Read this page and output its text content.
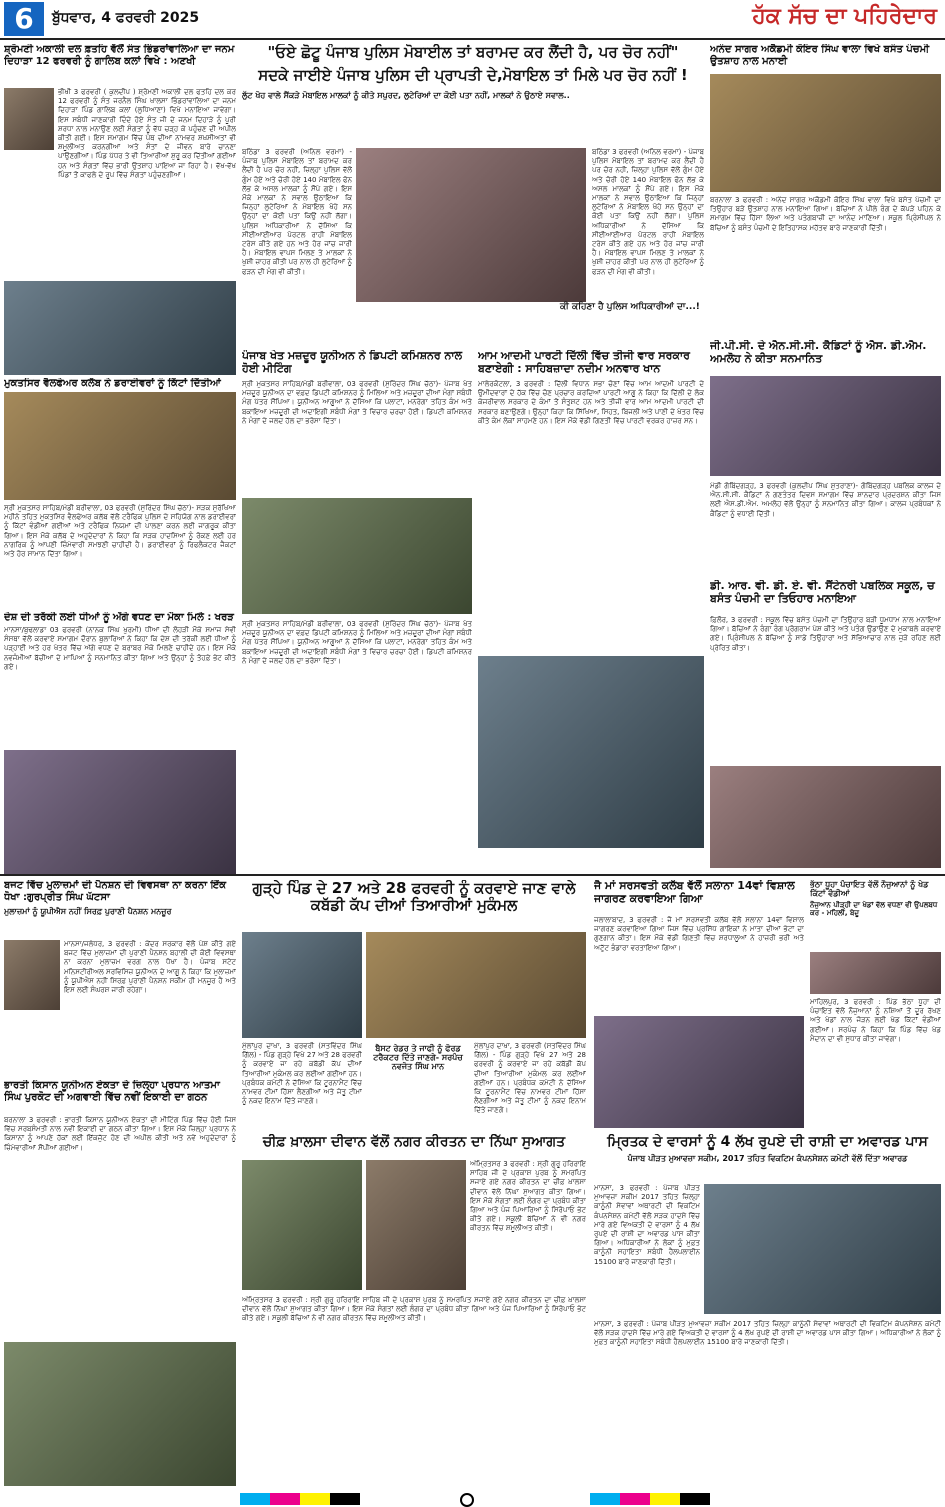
6	ਬੁੱਧਵਾਰ, 4 ਫਰਵਰੀ 2025	ਹੱਕ ਸੱਚ ਦਾ ਪਹਿਰੇਦਾਰ
ਸ਼੍ਰੋਮਣੀ ਅਕਾਲੀ ਦਲ ਫ਼ਤਹਿ ਵੱਲੋਂ ਸੰਤ ਭਿੰਡਰਾਂਵਾਲਿਆ ਦਾ ਜਨਮ ਦਿਹਾੜਾ 12 ਫਰਵਰੀ ਨੂੰ ਗਾਲਿਬ ਕਲਾਂ ਵਿਖੇ : ਅਣਖੀ
ਭੀਖੀ 3 ਫਰਵਰੀ ( ਕੁਲਦੀਪ ) ਸ਼੍ਰੋਮਣੀ ਅਕਾਲੀ ਦਲ ਫਤਹਿ ਦਲ ਕਰ 12 ਫਰਵਰੀ ਨੂੰ ਸੰਤ ਜਰਨੈਲ ਸਿੰਘ ਖਾਲਸਾ ਭਿੰਡਰਾਂਵਾਲਿਆ ਦਾ ਜਨਮ ਦਿਹਾੜਾ ਪਿੰਡ ਗਾਲਿਬ ਕਲਾਂ (ਲੁਧਿਆਣਾ) ਵਿਖੇ ਮਨਾਇਆ ਜਾਵੇਗਾ। ਇਸ ਸਬੰਧੀ ਜਾਣਕਾਰੀ ਦਿੰਦੇ ਹੋਏ ਸੰਤ ਜੀ ਦੇ ਜਨਮ ਦਿਹਾੜੇ ਨੂੰ ਪੂਰੀ ਸ਼ਰਧਾ ਨਾਲ ਮਨਾਉਣ ਲਈ ਸੰਗਤਾਂ ਨੂੰ ਵੱਧ ਚੜ੍ਹ ਕੇ ਪਹੁੰਚਣ ਦੀ ਅਪੀਲ ਕੀਤੀ ਗਈ। ਇਸ ਸਮਾਗਮ ਵਿੱਚ ਪੰਥ ਦੀਆਂ ਨਾਮਵਰ ਸ਼ਖ਼ਸੀਅਤਾਂ ਵੀ ਸ਼ਮੂਲੀਅਤ ਕਰਨਗੀਆਂ ਅਤੇ ਸੰਤਾਂ ਦੇ ਜੀਵਨ ਬਾਰੇ ਚਾਨਣਾ ਪਾਉਣਗੀਆਂ। ਪਿੰਡ ਪੱਧਰ ਤੇ ਵੀ ਤਿਆਰੀਆਂ ਸ਼ੁਰੂ ਕਰ ਦਿੱਤੀਆਂ ਗਈਆਂ ਹਨ ਅਤੇ ਸੰਗਤਾਂ ਵਿੱਚ ਭਾਰੀ ਉਤਸ਼ਾਹ ਪਾਇਆ ਜਾ ਰਿਹਾ ਹੈ। ਵੱਖ-ਵੱਖ ਪਿੰਡਾਂ ਤੋਂ ਕਾਫਲੇ ਦੇ ਰੂਪ ਵਿੱਚ ਸੰਗਤਾਂ ਪਹੁੰਚਣਗੀਆਂ।
ਮੁਕਤਸਿਰ ਵੈਲਫੇਅਰ ਕਲੱਬ ਨੇ ਡਰਾਈਵਰਾਂ ਨੂੰ ਕਿੱਟਾਂ ਦਿੱਤੀਆਂ
ਸ੍ਰੀ ਮੁਕਤਸਰ ਸਾਹਿਬ/ਮੰਡੀ ਬਰੀਵਾਲਾ, 03 ਫਰਵਰੀ (ਸੁਰਿੰਦਰ ਸਿੰਘ ਚੱਠਾ)- ਸੜਕ ਸੁਰੱਖਿਆ ਮਹੀਨੇ ਤਹਿਤ ਮੁਕਤਸਿਰ ਵੈਲਫੇਅਰ ਕਲੱਬ ਵੱਲੋਂ ਟਰੈਫਿਕ ਪੁਲਿਸ ਦੇ ਸਹਿਯੋਗ ਨਾਲ ਡਰਾਈਵਰਾਂ ਨੂੰ ਕਿੱਟਾਂ ਵੰਡੀਆਂ ਗਈਆਂ ਅਤੇ ਟਰੈਫਿਕ ਨਿਯਮਾਂ ਦੀ ਪਾਲਣਾ ਕਰਨ ਲਈ ਜਾਗਰੂਕ ਕੀਤਾ ਗਿਆ। ਇਸ ਮੌਕੇ ਕਲੱਬ ਦੇ ਅਹੁਦੇਦਾਰਾਂ ਨੇ ਕਿਹਾ ਕਿ ਸੜਕ ਹਾਦਸਿਆਂ ਨੂੰ ਰੋਕਣ ਲਈ ਹਰ ਨਾਗਰਿਕ ਨੂੰ ਆਪਣੀ ਜ਼ਿੰਮੇਵਾਰੀ ਸਮਝਣੀ ਚਾਹੀਦੀ ਹੈ। ਡਰਾਈਵਰਾਂ ਨੂੰ ਰਿਫਲੈਕਟਰ ਜੈਕਟਾਂ ਅਤੇ ਹੋਰ ਸਾਮਾਨ ਦਿੱਤਾ ਗਿਆ।
ਦੇਸ਼ ਦੀ ਤਰੱਕੀ ਲਈ ਧੀਆਂ ਨੂੰ ਅੱਗੇ ਵਧਣ ਦਾ ਮੌਕਾ ਮਿਲੇ : ਖਰੜ
ਮਾਨਸਾ/ਬੁਢਲਾਡਾ 03 ਫਰਵਰੀ (ਨਾਨਕ ਸਿੰਘ ਖੁਰਮੀ) ਧੀਆਂ ਦੀ ਲੋਹੜੀ ਮੌਕੇ ਸਮਾਜ ਸੇਵੀ ਸੰਸਥਾ ਵੱਲੋਂ ਕਰਵਾਏ ਸਮਾਗਮ ਦੌਰਾਨ ਬੁਲਾਰਿਆਂ ਨੇ ਕਿਹਾ ਕਿ ਦੇਸ਼ ਦੀ ਤਰੱਕੀ ਲਈ ਧੀਆਂ ਨੂੰ ਪੜ੍ਹਾਈ ਅਤੇ ਹਰ ਖੇਤਰ ਵਿੱਚ ਅੱਗੇ ਵਧਣ ਦੇ ਬਰਾਬਰ ਮੌਕੇ ਮਿਲਣੇ ਚਾਹੀਦੇ ਹਨ। ਇਸ ਮੌਕੇ ਨਵਜੰਮੀਆਂ ਬੱਚੀਆਂ ਦੇ ਮਾਪਿਆਂ ਨੂੰ ਸਨਮਾਨਿਤ ਕੀਤਾ ਗਿਆ ਅਤੇ ਉਨ੍ਹਾਂ ਨੂੰ ਤੋਹਫ਼ੇ ਭੇਟ ਕੀਤੇ ਗਏ।
"ਓਏ ਛੋਟੂ ਪੰਜਾਬ ਪੁਲਿਸ ਮੋਬਾਈਲ ਤਾਂ ਬਰਾਮਦ ਕਰ ਲੈਂਦੀ ਹੈ, ਪਰ ਚੋਰ ਨਹੀਂ"
ਸਦਕੇ ਜਾਈਏ ਪੰਜਾਬ ਪੁਲਿਸ ਦੀ ਪ੍ਰਾਪਤੀ ਦੇ,ਮੋਬਾਇਲ ਤਾਂ ਮਿਲੇ ਪਰ ਚੋਰ ਨਹੀਂ !
ਲੁੱਟ ਖੋਹ ਵਾਲੇ ਸੈਂਕੜੇ ਮੋਬਾਇਲ ਮਾਲਕਾਂ ਨੂੰ ਕੀਤੇ ਸਪੁਰਦ, ਲੁਟੇਰਿਆਂ ਦਾ ਕੋਈ ਪਤਾ ਨਹੀਂ, ਮਾਲਕਾਂ ਨੇ ਉਠਾਏ ਸਵਾਲ..
ਬਠਿੰਡਾ 3 ਫਰਵਰੀ (ਅਨਿਲ ਵਰਮਾ) - ਪੰਜਾਬ ਪੁਲਿਸ ਮੋਬਾਇਲ ਤਾਂ ਬਰਾਮਦ ਕਰ ਲੈਂਦੀ ਹੈ ਪਰ ਚੋਰ ਨਹੀਂ, ਜ਼ਿਲ੍ਹਾ ਪੁਲਿਸ ਵੱਲੋਂ ਗੁੰਮ ਹੋਏ ਅਤੇ ਚੋਰੀ ਹੋਏ 140 ਮੋਬਾਇਲ ਫੋਨ ਲੱਭ ਕੇ ਅਸਲ ਮਾਲਕਾਂ ਨੂੰ ਸੌਂਪੇ ਗਏ। ਇਸ ਮੌਕੇ ਮਾਲਕਾਂ ਨੇ ਸਵਾਲ ਉਠਾਇਆ ਕਿ ਜਿਨ੍ਹਾਂ ਲੁਟੇਰਿਆਂ ਨੇ ਮੋਬਾਇਲ ਖੋਹੇ ਸਨ ਉਨ੍ਹਾਂ ਦਾ ਕੋਈ ਪਤਾ ਕਿਉਂ ਨਹੀਂ ਲੱਗਾ। ਪੁਲਿਸ ਅਧਿਕਾਰੀਆਂ ਨੇ ਦੱਸਿਆ ਕਿ ਸੀਈਆਈਆਰ ਪੋਰਟਲ ਰਾਹੀਂ ਮੋਬਾਇਲ ਟਰੇਸ ਕੀਤੇ ਗਏ ਹਨ ਅਤੇ ਹੋਰ ਜਾਂਚ ਜਾਰੀ ਹੈ। ਮੋਬਾਇਲ ਵਾਪਸ ਮਿਲਣ ਤੇ ਮਾਲਕਾਂ ਨੇ ਖੁਸ਼ੀ ਜ਼ਾਹਰ ਕੀਤੀ ਪਰ ਨਾਲ ਹੀ ਲੁਟੇਰਿਆਂ ਨੂੰ ਫੜਨ ਦੀ ਮੰਗ ਵੀ ਕੀਤੀ।
ਬਠਿੰਡਾ 3 ਫਰਵਰੀ (ਅਨਿਲ ਵਰਮਾ) - ਪੰਜਾਬ ਪੁਲਿਸ ਮੋਬਾਇਲ ਤਾਂ ਬਰਾਮਦ ਕਰ ਲੈਂਦੀ ਹੈ ਪਰ ਚੋਰ ਨਹੀਂ, ਜ਼ਿਲ੍ਹਾ ਪੁਲਿਸ ਵੱਲੋਂ ਗੁੰਮ ਹੋਏ ਅਤੇ ਚੋਰੀ ਹੋਏ 140 ਮੋਬਾਇਲ ਫੋਨ ਲੱਭ ਕੇ ਅਸਲ ਮਾਲਕਾਂ ਨੂੰ ਸੌਂਪੇ ਗਏ। ਇਸ ਮੌਕੇ ਮਾਲਕਾਂ ਨੇ ਸਵਾਲ ਉਠਾਇਆ ਕਿ ਜਿਨ੍ਹਾਂ ਲੁਟੇਰਿਆਂ ਨੇ ਮੋਬਾਇਲ ਖੋਹੇ ਸਨ ਉਨ੍ਹਾਂ ਦਾ ਕੋਈ ਪਤਾ ਕਿਉਂ ਨਹੀਂ ਲੱਗਾ। ਪੁਲਿਸ ਅਧਿਕਾਰੀਆਂ ਨੇ ਦੱਸਿਆ ਕਿ ਸੀਈਆਈਆਰ ਪੋਰਟਲ ਰਾਹੀਂ ਮੋਬਾਇਲ ਟਰੇਸ ਕੀਤੇ ਗਏ ਹਨ ਅਤੇ ਹੋਰ ਜਾਂਚ ਜਾਰੀ ਹੈ। ਮੋਬਾਇਲ ਵਾਪਸ ਮਿਲਣ ਤੇ ਮਾਲਕਾਂ ਨੇ ਖੁਸ਼ੀ ਜ਼ਾਹਰ ਕੀਤੀ ਪਰ ਨਾਲ ਹੀ ਲੁਟੇਰਿਆਂ ਨੂੰ ਫੜਨ ਦੀ ਮੰਗ ਵੀ ਕੀਤੀ।
ਕੀ ਕਹਿਣਾ ਹੈ ਪੁਲਿਸ ਅਧਿਕਾਰੀਆਂ ਦਾ...!
ਪੰਜਾਬ ਖੇਤ ਮਜ਼ਦੂਰ ਯੂਨੀਅਨ ਨੇ ਡਿਪਟੀ ਕਮਿਸ਼ਨਰ ਨਾਲ ਹੋਈ ਮੀਟਿੰਗ
ਸ੍ਰੀ ਮੁਕਤਸਰ ਸਾਹਿਬ/ਮੰਡੀ ਬਰੀਵਾਲਾ, 03 ਫਰਵਰੀ (ਸੁਰਿੰਦਰ ਸਿੰਘ ਚੱਠਾ)- ਪੰਜਾਬ ਖੇਤ ਮਜ਼ਦੂਰ ਯੂਨੀਅਨ ਦਾ ਵਫ਼ਦ ਡਿਪਟੀ ਕਮਿਸ਼ਨਰ ਨੂੰ ਮਿਲਿਆ ਅਤੇ ਮਜ਼ਦੂਰਾਂ ਦੀਆਂ ਮੰਗਾਂ ਸਬੰਧੀ ਮੰਗ ਪੱਤਰ ਸੌਂਪਿਆ। ਯੂਨੀਅਨ ਆਗੂਆਂ ਨੇ ਦੱਸਿਆ ਕਿ ਪਲਾਟਾਂ, ਮਨਰੇਗਾ ਤਹਿਤ ਕੰਮ ਅਤੇ ਬਕਾਇਆ ਮਜ਼ਦੂਰੀ ਦੀ ਅਦਾਇਗੀ ਸਬੰਧੀ ਮੰਗਾਂ ਤੇ ਵਿਚਾਰ ਚਰਚਾ ਹੋਈ। ਡਿਪਟੀ ਕਮਿਸ਼ਨਰ ਨੇ ਮੰਗਾਂ ਦੇ ਜਲਦ ਹੱਲ ਦਾ ਭਰੋਸਾ ਦਿੱਤਾ।
ਸ੍ਰੀ ਮੁਕਤਸਰ ਸਾਹਿਬ/ਮੰਡੀ ਬਰੀਵਾਲਾ, 03 ਫਰਵਰੀ (ਸੁਰਿੰਦਰ ਸਿੰਘ ਚੱਠਾ)- ਪੰਜਾਬ ਖੇਤ ਮਜ਼ਦੂਰ ਯੂਨੀਅਨ ਦਾ ਵਫ਼ਦ ਡਿਪਟੀ ਕਮਿਸ਼ਨਰ ਨੂੰ ਮਿਲਿਆ ਅਤੇ ਮਜ਼ਦੂਰਾਂ ਦੀਆਂ ਮੰਗਾਂ ਸਬੰਧੀ ਮੰਗ ਪੱਤਰ ਸੌਂਪਿਆ। ਯੂਨੀਅਨ ਆਗੂਆਂ ਨੇ ਦੱਸਿਆ ਕਿ ਪਲਾਟਾਂ, ਮਨਰੇਗਾ ਤਹਿਤ ਕੰਮ ਅਤੇ ਬਕਾਇਆ ਮਜ਼ਦੂਰੀ ਦੀ ਅਦਾਇਗੀ ਸਬੰਧੀ ਮੰਗਾਂ ਤੇ ਵਿਚਾਰ ਚਰਚਾ ਹੋਈ। ਡਿਪਟੀ ਕਮਿਸ਼ਨਰ ਨੇ ਮੰਗਾਂ ਦੇ ਜਲਦ ਹੱਲ ਦਾ ਭਰੋਸਾ ਦਿੱਤਾ।
ਆਮ ਆਦਮੀ ਪਾਰਟੀ ਦਿੱਲੀ ਵਿੱਚ ਤੀਜੀ ਵਾਰ ਸਰਕਾਰ ਬਣਾਏਗੀ : ਸਾਹਿਬਜ਼ਾਦਾ ਨਦੀਮ ਅਨਵਾਰ ਖਾਨ
ਮਾਲੇਰਕੋਟਲਾ, 3 ਫਰਵਰੀ : ਦਿੱਲੀ ਵਿਧਾਨ ਸਭਾ ਚੋਣਾਂ ਵਿੱਚ ਆਮ ਆਦਮੀ ਪਾਰਟੀ ਦੇ ਉਮੀਦਵਾਰਾਂ ਦੇ ਹੱਕ ਵਿੱਚ ਚੋਣ ਪ੍ਰਚਾਰ ਕਰਦਿਆਂ ਪਾਰਟੀ ਆਗੂ ਨੇ ਕਿਹਾ ਕਿ ਦਿੱਲੀ ਦੇ ਲੋਕ ਕੇਜਰੀਵਾਲ ਸਰਕਾਰ ਦੇ ਕੰਮਾਂ ਤੋਂ ਸੰਤੁਸ਼ਟ ਹਨ ਅਤੇ ਤੀਜੀ ਵਾਰ ਆਮ ਆਦਮੀ ਪਾਰਟੀ ਦੀ ਸਰਕਾਰ ਬਣਾਉਣਗੇ। ਉਨ੍ਹਾਂ ਕਿਹਾ ਕਿ ਸਿੱਖਿਆ, ਸਿਹਤ, ਬਿਜਲੀ ਅਤੇ ਪਾਣੀ ਦੇ ਖੇਤਰ ਵਿੱਚ ਕੀਤੇ ਕੰਮ ਲੋਕਾਂ ਸਾਹਮਣੇ ਹਨ। ਇਸ ਮੌਕੇ ਵੱਡੀ ਗਿਣਤੀ ਵਿੱਚ ਪਾਰਟੀ ਵਰਕਰ ਹਾਜ਼ਰ ਸਨ।
ਅਨੰਦ ਸਾਗਰ ਅਕੈਡਮੀ ਕੋਇਰ ਸਿੰਘ ਵਾਲਾ ਵਿਖੇ ਬਸੰਤ ਪੰਚਮੀ ਉਤਸ਼ਾਹ ਨਾਲ ਮਨਾਈ
ਬਰਨਾਲਾ 3 ਫਰਵਰੀ : ਅਨੰਦ ਸਾਗਰ ਅਕੈਡਮੀ ਕੋਇਰ ਸਿੰਘ ਵਾਲਾ ਵਿਖੇ ਬਸੰਤ ਪੰਚਮੀ ਦਾ ਤਿਉਹਾਰ ਬੜੇ ਉਤਸ਼ਾਹ ਨਾਲ ਮਨਾਇਆ ਗਿਆ। ਬੱਚਿਆਂ ਨੇ ਪੀਲੇ ਰੰਗ ਦੇ ਕੱਪੜੇ ਪਹਿਨ ਕੇ ਸਮਾਗਮ ਵਿੱਚ ਹਿੱਸਾ ਲਿਆ ਅਤੇ ਪਤੰਗਬਾਜ਼ੀ ਦਾ ਆਨੰਦ ਮਾਣਿਆ। ਸਕੂਲ ਪ੍ਰਿੰਸੀਪਲ ਨੇ ਬੱਚਿਆਂ ਨੂੰ ਬਸੰਤ ਪੰਚਮੀ ਦੇ ਇਤਿਹਾਸਕ ਮਹੱਤਵ ਬਾਰੇ ਜਾਣਕਾਰੀ ਦਿੱਤੀ।
ਜੀ.ਪੀ.ਸੀ. ਦੇ ਐਨ.ਸੀ.ਸੀ. ਕੈਡਿਟਾਂ ਨੂੰ ਐਸ. ਡੀ.ਐਮ. ਅਮਲੋਹ ਨੇ ਕੀਤਾ ਸਨਮਾਨਿਤ
ਮੰਡੀ ਗੋਬਿੰਦਗੜ੍ਹ, 3 ਫਰਵਰੀ (ਕੁਲਦੀਪ ਸਿੰਘ ਸ਼ੁਤਰਾਣਾ)- ਗੋਬਿੰਦਗੜ੍ਹ ਪਬਲਿਕ ਕਾਲਜ ਦੇ ਐਨ.ਸੀ.ਸੀ. ਕੈਡਿਟਾਂ ਨੇ ਗਣਤੰਤਰ ਦਿਵਸ ਸਮਾਗਮ ਵਿੱਚ ਸ਼ਾਨਦਾਰ ਪ੍ਰਦਰਸ਼ਨ ਕੀਤਾ ਜਿਸ ਲਈ ਐਸ.ਡੀ.ਐਮ. ਅਮਲੋਹ ਵੱਲੋਂ ਉਨ੍ਹਾਂ ਨੂੰ ਸਨਮਾਨਿਤ ਕੀਤਾ ਗਿਆ। ਕਾਲਜ ਪ੍ਰਬੰਧਕਾਂ ਨੇ ਕੈਡਿਟਾਂ ਨੂੰ ਵਧਾਈ ਦਿੱਤੀ।
ਡੀ. ਆਰ. ਵੀ. ਡੀ. ਏ. ਵੀ. ਸੈਂਟੇਨਰੀ ਪਬਲਿਕ ਸਕੂਲ, ਚ ਬਸੰਤ ਪੰਚਮੀ ਦਾ ਤਿਓਹਾਰ ਮਨਾਇਆ
ਫ਼ਿਲੌਰ, 3 ਫਰਵਰੀ : ਸਕੂਲ ਵਿੱਚ ਬਸੰਤ ਪੰਚਮੀ ਦਾ ਤਿਉਹਾਰ ਬੜੀ ਧੂਮਧਾਮ ਨਾਲ ਮਨਾਇਆ ਗਿਆ। ਬੱਚਿਆਂ ਨੇ ਰੰਗਾ ਰੰਗ ਪ੍ਰੋਗਰਾਮ ਪੇਸ਼ ਕੀਤੇ ਅਤੇ ਪਤੰਗ ਉਡਾਉਣ ਦੇ ਮੁਕਾਬਲੇ ਕਰਵਾਏ ਗਏ। ਪ੍ਰਿੰਸੀਪਲ ਨੇ ਬੱਚਿਆਂ ਨੂੰ ਸਾਡੇ ਤਿਉਹਾਰਾਂ ਅਤੇ ਸੱਭਿਆਚਾਰ ਨਾਲ ਜੁੜੇ ਰਹਿਣ ਲਈ ਪ੍ਰੇਰਿਤ ਕੀਤਾ।
ਬਜਟ ਵਿੱਚ ਮੁਲਾਜ਼ਮਾਂ ਦੀ ਪੈਨਸ਼ਨ ਦੀ ਵਿਵਸਥਾ ਨਾ ਕਰਨਾ ਇੱਕ ਧੋਖਾ :ਗੁਰਪ੍ਰੀਤ ਸਿੰਘ ਘੱਟਸਾ
ਮੁਲਾਜ਼ਮਾਂ ਨੂੰ ਯੂਪੀਐਸ ਨਹੀਂ ਸਿਰਫ਼ ਪੁਰਾਣੀ ਪੈਨਸ਼ਨ ਮਨਜ਼ੂਰ
ਮਾਨਸਾ/ਜਲੰਧਰ, 3 ਫਰਵਰੀ : ਕੇਂਦਰ ਸਰਕਾਰ ਵੱਲੋਂ ਪੇਸ਼ ਕੀਤੇ ਗਏ ਬਜਟ ਵਿੱਚ ਮੁਲਾਜ਼ਮਾਂ ਦੀ ਪੁਰਾਣੀ ਪੈਨਸ਼ਨ ਬਹਾਲੀ ਦੀ ਕੋਈ ਵਿਵਸਥਾ ਨਾ ਕਰਨਾ ਮੁਲਾਜ਼ਮ ਵਰਗ ਨਾਲ ਧੋਖਾ ਹੈ। ਪੰਜਾਬ ਸਟੇਟ ਮਨਿਸਟੀਰੀਅਲ ਸਰਵਿਸਿਜ਼ ਯੂਨੀਅਨ ਦੇ ਆਗੂ ਨੇ ਕਿਹਾ ਕਿ ਮੁਲਾਜ਼ਮਾਂ ਨੂੰ ਯੂਪੀਐਸ ਨਹੀਂ ਸਿਰਫ਼ ਪੁਰਾਣੀ ਪੈਨਸ਼ਨ ਸਕੀਮ ਹੀ ਮਨਜ਼ੂਰ ਹੈ ਅਤੇ ਇਸ ਲਈ ਸੰਘਰਸ਼ ਜਾਰੀ ਰਹੇਗਾ।
ਭਾਰਤੀ ਕਿਸਾਨ ਯੂਨੀਅਨ ਏਕਤਾ ਦੇ ਜ਼ਿਲ੍ਹਾ ਪ੍ਰਧਾਨ ਆਤਮਾ ਸਿੰਘ ਪੁਰਕੋਟ ਦੀ ਅਗਵਾਈ ਵਿੱਚ ਨਵੀਂ ਇਕਾਈ ਦਾ ਗਠਨ
ਬਰਨਾਲਾ 3 ਫਰਵਰੀ : ਭਾਰਤੀ ਕਿਸਾਨ ਯੂਨੀਅਨ ਏਕਤਾ ਦੀ ਮੀਟਿੰਗ ਪਿੰਡ ਵਿੱਚ ਹੋਈ ਜਿਸ ਵਿੱਚ ਸਰਬਸੰਮਤੀ ਨਾਲ ਨਵੀਂ ਇਕਾਈ ਦਾ ਗਠਨ ਕੀਤਾ ਗਿਆ। ਇਸ ਮੌਕੇ ਜ਼ਿਲ੍ਹਾ ਪ੍ਰਧਾਨ ਨੇ ਕਿਸਾਨਾਂ ਨੂੰ ਆਪਣੇ ਹੱਕਾਂ ਲਈ ਇੱਕਜੁੱਟ ਹੋਣ ਦੀ ਅਪੀਲ ਕੀਤੀ ਅਤੇ ਨਵੇਂ ਅਹੁਦੇਦਾਰਾਂ ਨੂੰ ਜ਼ਿੰਮੇਵਾਰੀਆਂ ਸੌਂਪੀਆਂ ਗਈਆਂ।
ਗੁੜ੍ਹੇ ਪਿੰਡ ਦੇ 27 ਅਤੇ 28 ਫਰਵਰੀ ਨੂੰ ਕਰਵਾਏ ਜਾਣ ਵਾਲੇ ਕਬੱਡੀ ਕੱਪ ਦੀਆਂ ਤਿਆਰੀਆਂ ਮੁਕੰਮਲ
ਮੁੱਲਾਂਪੁਰ ਦਾਖਾ, 3 ਫਰਵਰੀ (ਸਤਵਿੰਦਰ ਸਿੰਘ ਗਿੱਲ) - ਪਿੰਡ ਗੁੜ੍ਹੇ ਵਿਖੇ 27 ਅਤੇ 28 ਫਰਵਰੀ ਨੂੰ ਕਰਵਾਏ ਜਾ ਰਹੇ ਕਬੱਡੀ ਕੱਪ ਦੀਆਂ ਤਿਆਰੀਆਂ ਮੁਕੰਮਲ ਕਰ ਲਈਆਂ ਗਈਆਂ ਹਨ। ਪ੍ਰਬੰਧਕ ਕਮੇਟੀ ਨੇ ਦੱਸਿਆ ਕਿ ਟੂਰਨਾਮੈਂਟ ਵਿੱਚ ਨਾਮਵਰ ਟੀਮਾਂ ਹਿੱਸਾ ਲੈਣਗੀਆਂ ਅਤੇ ਜੇਤੂ ਟੀਮਾਂ ਨੂੰ ਨਕਦ ਇਨਾਮ ਦਿੱਤੇ ਜਾਣਗੇ।
ਬੈਸਟ ਰੇਡਰ ਤੇ ਜਾਫੀ ਨੂੰ ਫੋਰਡ ਟਰੈਕਟਰ ਦਿੱਤੇ ਜਾਣਗੇ- ਸਰਪੰਚ ਨਵਜੋਤ ਸਿੰਘ ਮਾਨ
ਮੁੱਲਾਂਪੁਰ ਦਾਖਾ, 3 ਫਰਵਰੀ (ਸਤਵਿੰਦਰ ਸਿੰਘ ਗਿੱਲ) - ਪਿੰਡ ਗੁੜ੍ਹੇ ਵਿਖੇ 27 ਅਤੇ 28 ਫਰਵਰੀ ਨੂੰ ਕਰਵਾਏ ਜਾ ਰਹੇ ਕਬੱਡੀ ਕੱਪ ਦੀਆਂ ਤਿਆਰੀਆਂ ਮੁਕੰਮਲ ਕਰ ਲਈਆਂ ਗਈਆਂ ਹਨ। ਪ੍ਰਬੰਧਕ ਕਮੇਟੀ ਨੇ ਦੱਸਿਆ ਕਿ ਟੂਰਨਾਮੈਂਟ ਵਿੱਚ ਨਾਮਵਰ ਟੀਮਾਂ ਹਿੱਸਾ ਲੈਣਗੀਆਂ ਅਤੇ ਜੇਤੂ ਟੀਮਾਂ ਨੂੰ ਨਕਦ ਇਨਾਮ ਦਿੱਤੇ ਜਾਣਗੇ।
ਜੈ ਮਾਂ ਸਰਸਵਤੀ ਕਲੱਬ ਵੱਲੋਂ ਸਲਾਨਾ 14ਵਾਂ ਵਿਸ਼ਾਲ ਜਾਗਰਣ ਕਰਵਾਇਆ ਗਿਆ
ਜਲਾਲਾਬਾਦ, 3 ਫਰਵਰੀ : ਜੈ ਮਾਂ ਸਰਸਵਤੀ ਕਲੱਬ ਵੱਲੋਂ ਸਲਾਨਾ 14ਵਾਂ ਵਿਸ਼ਾਲ ਜਾਗਰਣ ਕਰਵਾਇਆ ਗਿਆ ਜਿਸ ਵਿੱਚ ਪ੍ਰਸਿੱਧ ਗਾਇਕਾਂ ਨੇ ਮਾਤਾ ਦੀਆਂ ਭੇਟਾਂ ਦਾ ਗੁਣਗਾਨ ਕੀਤਾ। ਇਸ ਮੌਕੇ ਵੱਡੀ ਗਿਣਤੀ ਵਿੱਚ ਸ਼ਰਧਾਲੂਆਂ ਨੇ ਹਾਜ਼ਰੀ ਭਰੀ ਅਤੇ ਅਟੁੱਟ ਭੰਡਾਰਾ ਵਰਤਾਇਆ ਗਿਆ।
ਭੱਠਾ ਧੂਹਾ ਪੰਚਾਇਤ ਵੱਲੋਂ ਨੌਜੁਆਨਾਂ ਨੂੰ ਖੇਡ ਕਿੱਟਾਂ ਵੰਡੀਆਂ
ਨੌਜੁਆਨ ਪੀੜ੍ਹੀ ਦਾ ਖੇਡਾਂ ਵੱਲ ਵਧਣਾ ਵੀ ਉਪਲਬਧ ਕਰ - ਮਹਿਲੀ, ਬੇਦੂ
ਮਾਹਿਲਪੁਰ, 3 ਫਰਵਰੀ : ਪਿੰਡ ਭੱਠਾ ਧੂਹਾ ਦੀ ਪੰਚਾਇਤ ਵੱਲੋਂ ਨੌਜੁਆਨਾਂ ਨੂੰ ਨਸ਼ਿਆਂ ਤੋਂ ਦੂਰ ਰੱਖਣ ਅਤੇ ਖੇਡਾਂ ਨਾਲ ਜੋੜਨ ਲਈ ਖੇਡ ਕਿੱਟਾਂ ਵੰਡੀਆਂ ਗਈਆਂ। ਸਰਪੰਚ ਨੇ ਕਿਹਾ ਕਿ ਪਿੰਡ ਵਿੱਚ ਖੇਡ ਮੈਦਾਨ ਦਾ ਵੀ ਸੁਧਾਰ ਕੀਤਾ ਜਾਵੇਗਾ।
ਚੀਫ਼ ਖ਼ਾਲਸਾ ਦੀਵਾਨ ਵੱਲੋਂ ਨਗਰ ਕੀਰਤਨ ਦਾ ਨਿੱਘਾ ਸੁਆਗਤ
ਅੰਮ੍ਰਿਤਸਰ 3 ਫਰਵਰੀ : ਸ੍ਰੀ ਗੁਰੂ ਹਰਿਰਾਇ ਸਾਹਿਬ ਜੀ ਦੇ ਪ੍ਰਕਾਸ਼ ਪੁਰਬ ਨੂੰ ਸਮਰਪਿਤ ਸਜਾਏ ਗਏ ਨਗਰ ਕੀਰਤਨ ਦਾ ਚੀਫ਼ ਖ਼ਾਲਸਾ ਦੀਵਾਨ ਵੱਲੋਂ ਨਿੱਘਾ ਸੁਆਗਤ ਕੀਤਾ ਗਿਆ। ਇਸ ਮੌਕੇ ਸੰਗਤਾਂ ਲਈ ਲੰਗਰ ਦਾ ਪ੍ਰਬੰਧ ਕੀਤਾ ਗਿਆ ਅਤੇ ਪੰਜ ਪਿਆਰਿਆਂ ਨੂੰ ਸਿਰੋਪਾਓ ਭੇਟ ਕੀਤੇ ਗਏ। ਸਕੂਲੀ ਬੱਚਿਆਂ ਨੇ ਵੀ ਨਗਰ ਕੀਰਤਨ ਵਿੱਚ ਸ਼ਮੂਲੀਅਤ ਕੀਤੀ।
ਅੰਮ੍ਰਿਤਸਰ 3 ਫਰਵਰੀ : ਸ੍ਰੀ ਗੁਰੂ ਹਰਿਰਾਇ ਸਾਹਿਬ ਜੀ ਦੇ ਪ੍ਰਕਾਸ਼ ਪੁਰਬ ਨੂੰ ਸਮਰਪਿਤ ਸਜਾਏ ਗਏ ਨਗਰ ਕੀਰਤਨ ਦਾ ਚੀਫ਼ ਖ਼ਾਲਸਾ ਦੀਵਾਨ ਵੱਲੋਂ ਨਿੱਘਾ ਸੁਆਗਤ ਕੀਤਾ ਗਿਆ। ਇਸ ਮੌਕੇ ਸੰਗਤਾਂ ਲਈ ਲੰਗਰ ਦਾ ਪ੍ਰਬੰਧ ਕੀਤਾ ਗਿਆ ਅਤੇ ਪੰਜ ਪਿਆਰਿਆਂ ਨੂੰ ਸਿਰੋਪਾਓ ਭੇਟ ਕੀਤੇ ਗਏ। ਸਕੂਲੀ ਬੱਚਿਆਂ ਨੇ ਵੀ ਨਗਰ ਕੀਰਤਨ ਵਿੱਚ ਸ਼ਮੂਲੀਅਤ ਕੀਤੀ।
ਮ੍ਰਿਤਕ ਦੇ ਵਾਰਸਾਂ ਨੂੰ 4 ਲੱਖ ਰੁਪਏ ਦੀ ਰਾਸ਼ੀ ਦਾ ਅਵਾਰਡ ਪਾਸ
ਪੰਜਾਬ ਪੀੜਤ ਮੁਆਵਜ਼ਾ ਸਕੀਮ, 2017 ਤਹਿਤ ਵਿਕਟਿਮ ਕੰਪਨਸੇਸ਼ਨ ਕਮੇਟੀ ਵੱਲੋਂ ਦਿੱਤਾ ਅਵਾਰਡ
ਮਾਨਸਾ, 3 ਫਰਵਰੀ : ਪੰਜਾਬ ਪੀੜਤ ਮੁਆਵਜ਼ਾ ਸਕੀਮ 2017 ਤਹਿਤ ਜ਼ਿਲ੍ਹਾ ਕਾਨੂੰਨੀ ਸੇਵਾਵਾਂ ਅਥਾਰਟੀ ਦੀ ਵਿਕਟਿਮ ਕੰਪਨਸੇਸ਼ਨ ਕਮੇਟੀ ਵੱਲੋਂ ਸੜਕ ਹਾਦਸੇ ਵਿੱਚ ਮਾਰੇ ਗਏ ਵਿਅਕਤੀ ਦੇ ਵਾਰਸਾਂ ਨੂੰ 4 ਲੱਖ ਰੁਪਏ ਦੀ ਰਾਸ਼ੀ ਦਾ ਅਵਾਰਡ ਪਾਸ ਕੀਤਾ ਗਿਆ। ਅਧਿਕਾਰੀਆਂ ਨੇ ਲੋਕਾਂ ਨੂੰ ਮੁਫ਼ਤ ਕਾਨੂੰਨੀ ਸਹਾਇਤਾ ਸਬੰਧੀ ਹੈਲਪਲਾਈਨ 15100 ਬਾਰੇ ਜਾਣਕਾਰੀ ਦਿੱਤੀ।
ਮਾਨਸਾ, 3 ਫਰਵਰੀ : ਪੰਜਾਬ ਪੀੜਤ ਮੁਆਵਜ਼ਾ ਸਕੀਮ 2017 ਤਹਿਤ ਜ਼ਿਲ੍ਹਾ ਕਾਨੂੰਨੀ ਸੇਵਾਵਾਂ ਅਥਾਰਟੀ ਦੀ ਵਿਕਟਿਮ ਕੰਪਨਸੇਸ਼ਨ ਕਮੇਟੀ ਵੱਲੋਂ ਸੜਕ ਹਾਦਸੇ ਵਿੱਚ ਮਾਰੇ ਗਏ ਵਿਅਕਤੀ ਦੇ ਵਾਰਸਾਂ ਨੂੰ 4 ਲੱਖ ਰੁਪਏ ਦੀ ਰਾਸ਼ੀ ਦਾ ਅਵਾਰਡ ਪਾਸ ਕੀਤਾ ਗਿਆ। ਅਧਿਕਾਰੀਆਂ ਨੇ ਲੋਕਾਂ ਨੂੰ ਮੁਫ਼ਤ ਕਾਨੂੰਨੀ ਸਹਾਇਤਾ ਸਬੰਧੀ ਹੈਲਪਲਾਈਨ 15100 ਬਾਰੇ ਜਾਣਕਾਰੀ ਦਿੱਤੀ।
